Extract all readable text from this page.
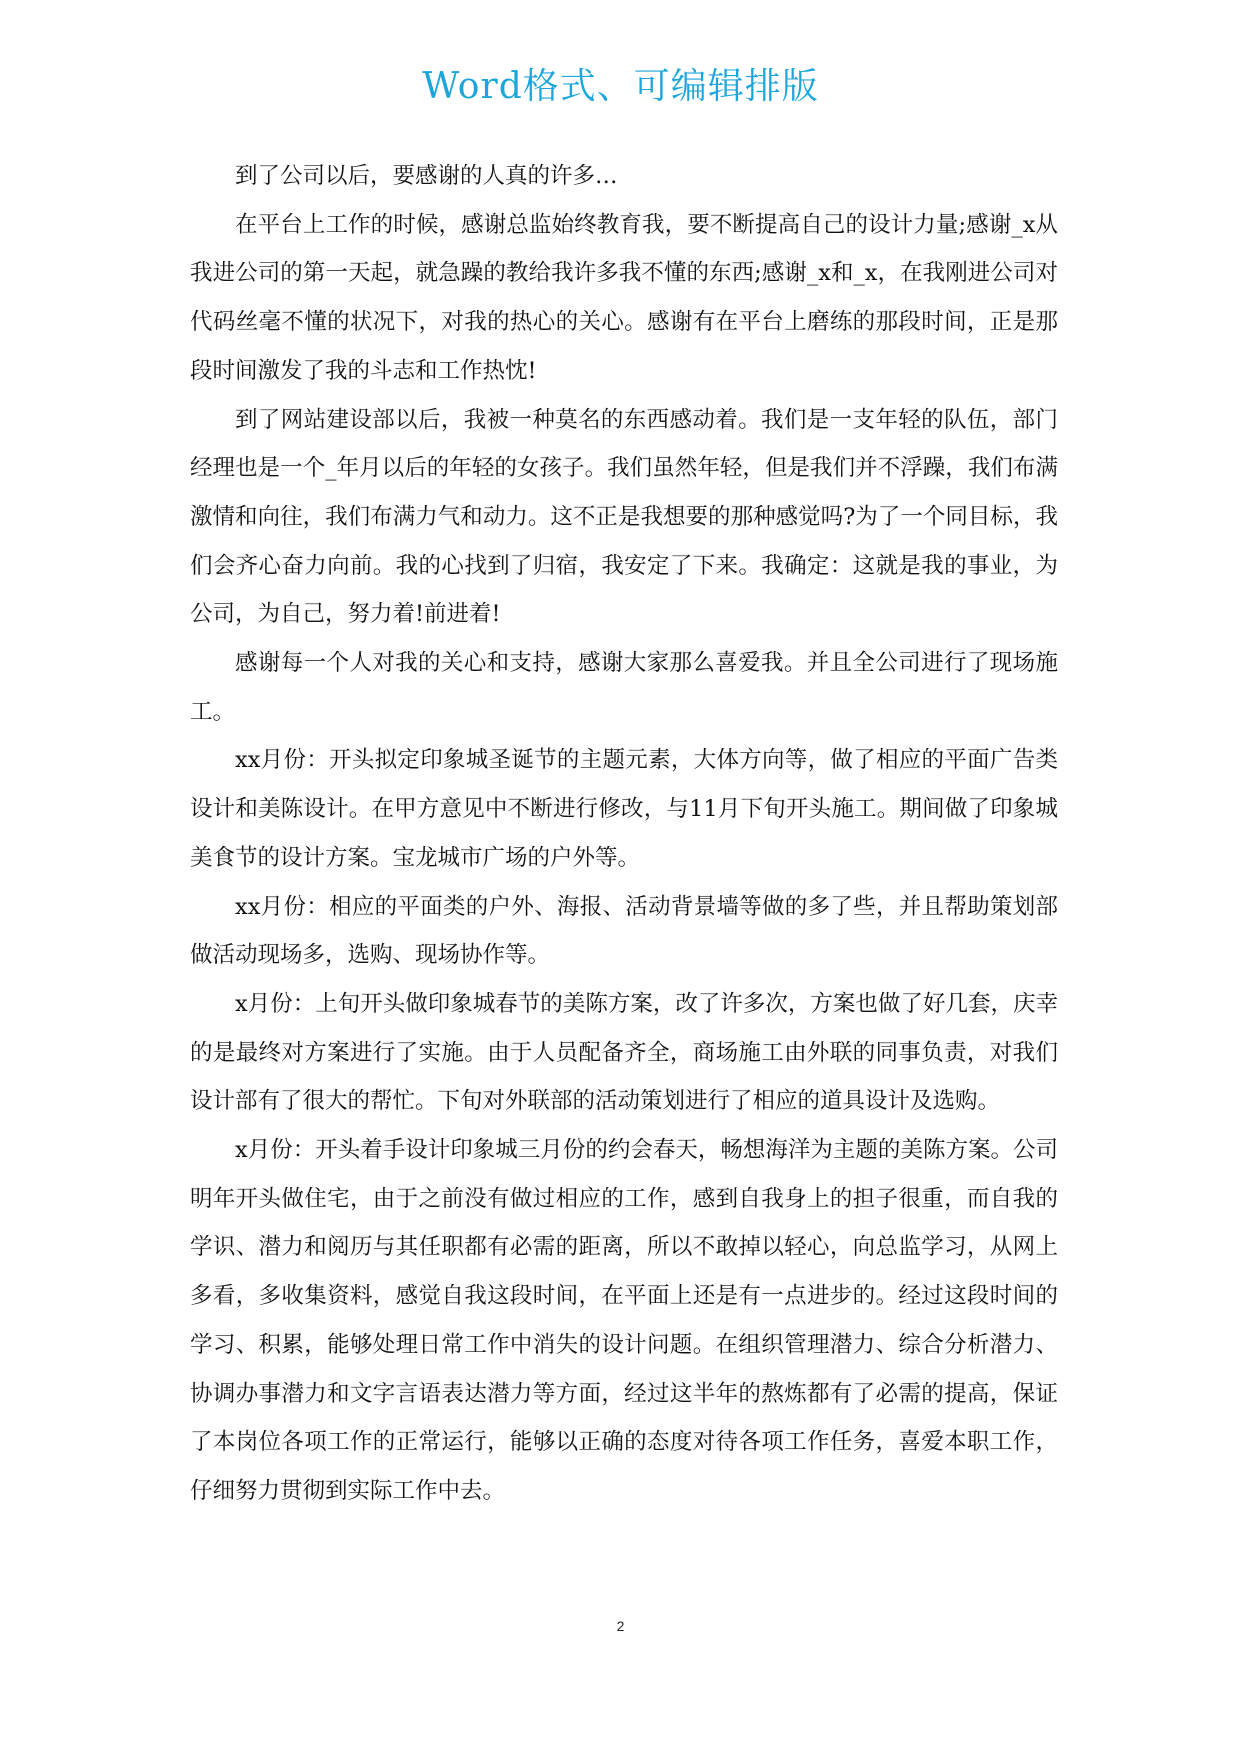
Word格式、可编辑排版

到了公司以后，要感谢的人真的许多…

在平台上工作的时候，感谢总监始终教育我，要不断提高自己的设计力量;感谢_x从我进公司的第一天起，就急躁的教给我许多我不懂的东西;感谢_x和_x，在我刚进公司对代码丝毫不懂的状况下，对我的热心的关心。感谢有在平台上磨练的那段时间，正是那段时间激发了我的斗志和工作热忱!

到了网站建设部以后，我被一种莫名的东西感动着。我们是一支年轻的队伍，部门经理也是一个_年月以后的年轻的女孩子。我们虽然年轻，但是我们并不浮躁，我们布满激情和向往，我们布满力气和动力。这不正是我想要的那种感觉吗?为了一个同目标，我们会齐心奋力向前。我的心找到了归宿，我安定了下来。我确定：这就是我的事业，为公司，为自己，努力着!前进着!

感谢每一个人对我的关心和支持，感谢大家那么喜爱我。并且全公司进行了现场施工。

xx月份：开头拟定印象城圣诞节的主题元素，大体方向等，做了相应的平面广告类设计和美陈设计。在甲方意见中不断进行修改，与11月下旬开头施工。期间做了印象城美食节的设计方案。宝龙城市广场的户外等。

xx月份：相应的平面类的户外、海报、活动背景墙等做的多了些，并且帮助策划部做活动现场多，选购、现场协作等。

x月份：上旬开头做印象城春节的美陈方案，改了许多次，方案也做了好几套，庆幸的是最终对方案进行了实施。由于人员配备齐全，商场施工由外联的同事负责，对我们设计部有了很大的帮忙。下旬对外联部的活动策划进行了相应的道具设计及选购。

x月份：开头着手设计印象城三月份的约会春天，畅想海洋为主题的美陈方案。公司明年开头做住宅，由于之前没有做过相应的工作，感到自我身上的担子很重，而自我的学识、潜力和阅历与其任职都有必需的距离，所以不敢掉以轻心，向总监学习，从网上多看，多收集资料，感觉自我这段时间，在平面上还是有一点进步的。经过这段时间的学习、积累，能够处理日常工作中消失的设计问题。在组织管理潜力、综合分析潜力、协调办事潜力和文字言语表达潜力等方面，经过这半年的熬炼都有了必需的提高，保证了本岗位各项工作的正常运行，能够以正确的态度对待各项工作任务，喜爱本职工作，仔细努力贯彻到实际工作中去。

2
